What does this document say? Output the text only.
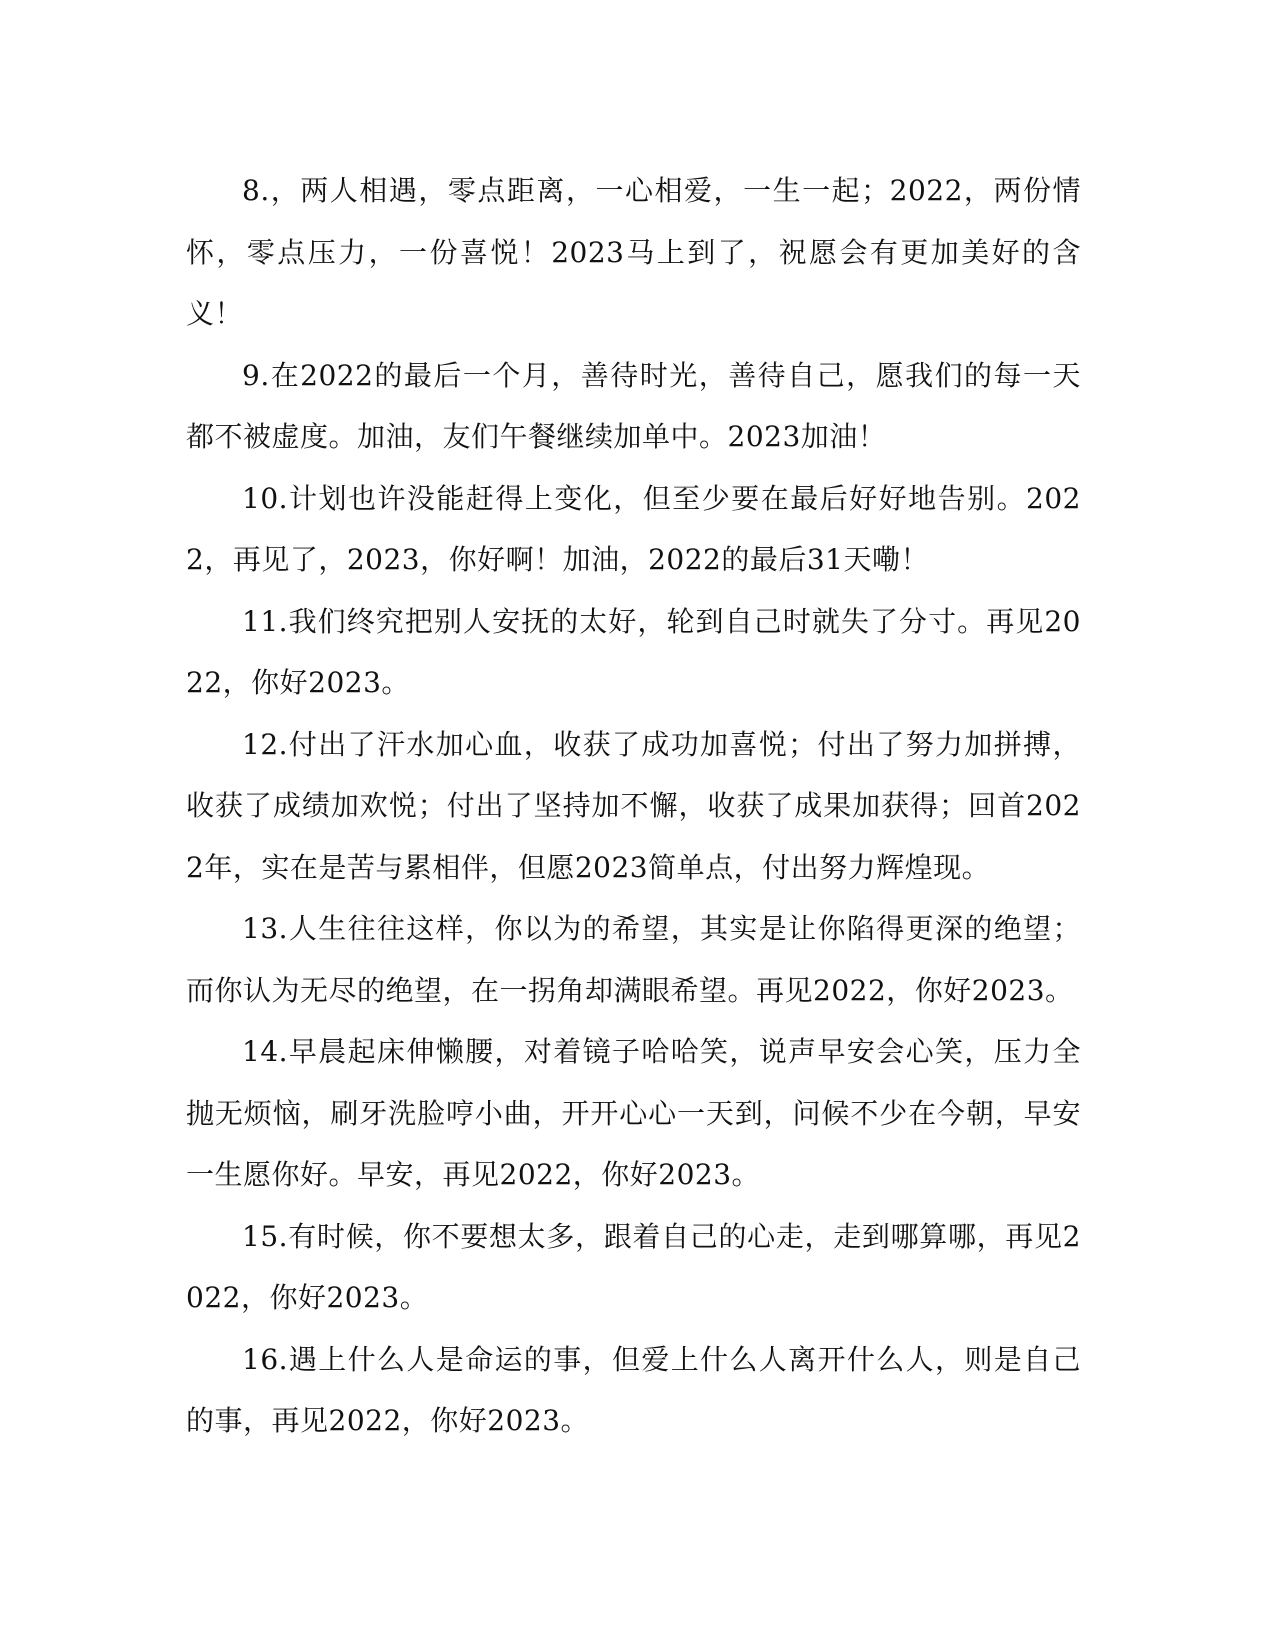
8.，两人相遇，零点距离，一心相爱，一生一起；2022，两份情怀，零点压力，一份喜悦！2023马上到了，祝愿会有更加美好的含义！

9.在2022的最后一个月，善待时光，善待自己，愿我们的每一天都不被虚度。加油，友们午餐继续加单中。2023加油！

10.计划也许没能赶得上变化，但至少要在最后好好地告别。2022，再见了，2023，你好啊！加油，2022的最后31天嘞！

11.我们终究把别人安抚的太好，轮到自己时就失了分寸。再见2022，你好2023。

12.付出了汗水加心血，收获了成功加喜悦；付出了努力加拼搏，收获了成绩加欢悦；付出了坚持加不懈，收获了成果加获得；回首2022年，实在是苦与累相伴，但愿2023简单点，付出努力辉煌现。

13.人生往往这样，你以为的希望，其实是让你陷得更深的绝望；而你认为无尽的绝望，在一拐角却满眼希望。再见2022，你好2023。

14.早晨起床伸懒腰，对着镜子哈哈笑，说声早安会心笑，压力全抛无烦恼，刷牙洗脸哼小曲，开开心心一天到，问候不少在今朝，早安一生愿你好。早安，再见2022，你好2023。

15.有时候，你不要想太多，跟着自己的心走，走到哪算哪，再见2022，你好2023。

16.遇上什么人是命运的事，但爱上什么人离开什么人，则是自己的事，再见2022，你好2023。
